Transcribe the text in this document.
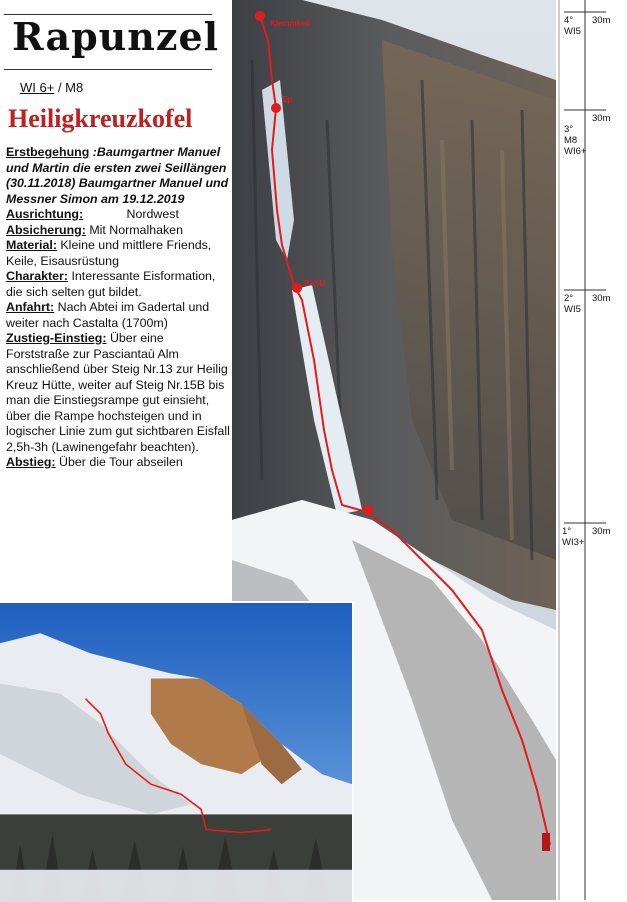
Rapunzel
WI 6+ / M8
Heiligkreuzkofel

Erstbegehung :Baumgartner Manuel und Martin die ersten zwei Seillängen (30.11.2018) Baumgartner Manuel und Messner Simon am 19.12.2019

Ausrichtung:	Nordwest

Absicherung: Mit Normalhaken

Material: Kleine und mittlere Friends, Keile, Eisausrüstung

Charakter: Interessante Eisformation, die sich selten gut bildet.

Anfahrt: Nach Abtei im Gadertal und weiter nach Castalta (1700m)

Zustieg-Einstieg: Über eine Forststraße zur Pasciantaù Alm anschließend über Steig Nr.13 zur Heilig Kreuz Hütte, weiter auf Steig Nr.15B bis man die Einstiegsrampe gut einsieht, über die Rampe hochsteigen und in logischer Linie zum gut sichtbaren Eisfall 2,5h-3h (Lawinengefahr beachten).

Abstieg: Über die Tour abseilen

Klemmkeil
Ep
P+SU
4°
WI5
30m

3°
M8
WI6+

30m
2°
WI5
30m
1°
WI3+
30m
